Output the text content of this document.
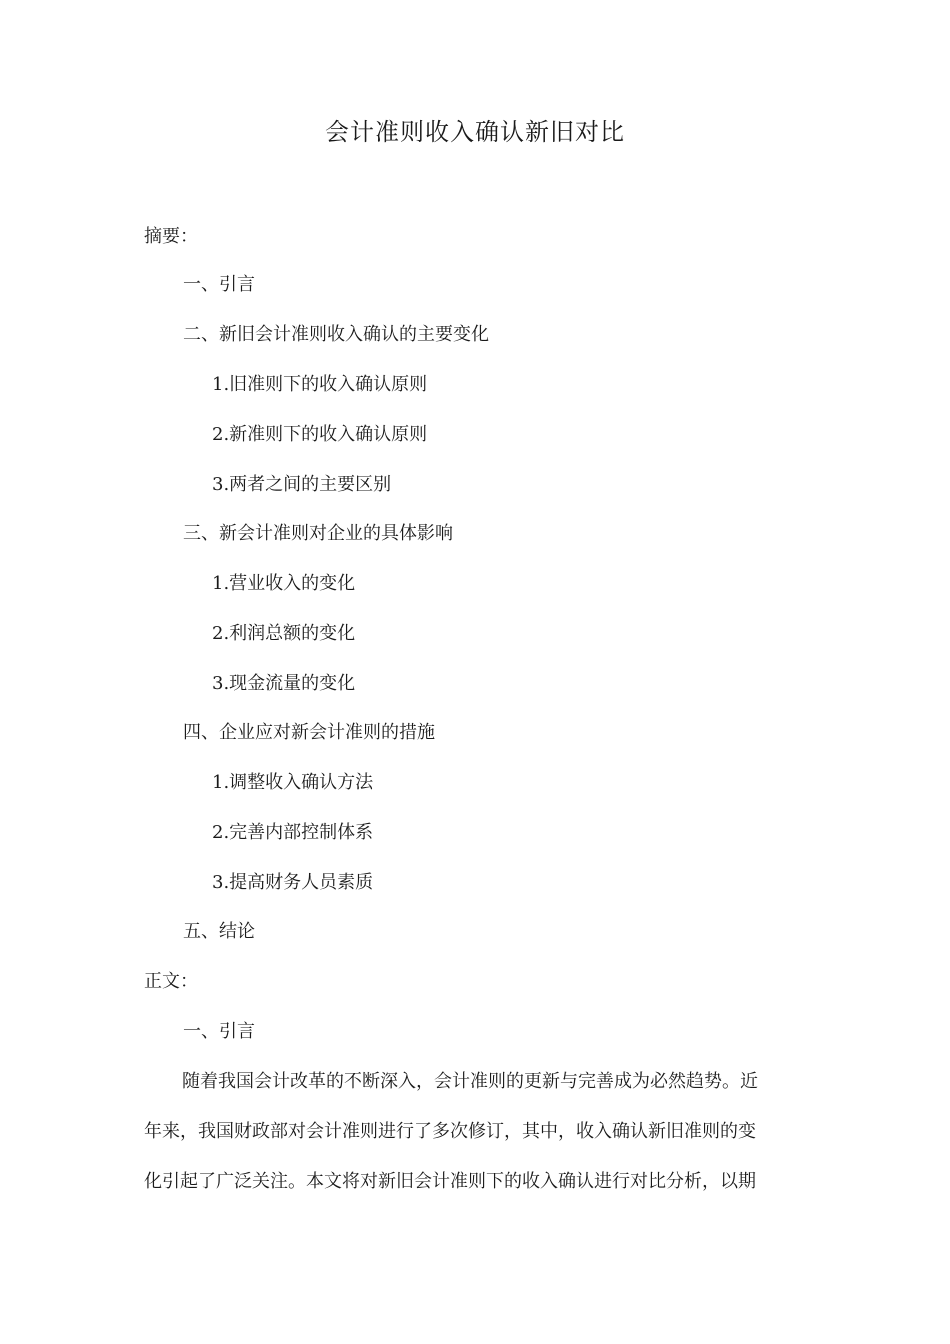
会计准则收入确认新旧对比
摘要：
一、引言
二、新旧会计准则收入确认的主要变化
1.旧准则下的收入确认原则
2.新准则下的收入确认原则
3.两者之间的主要区别
三、新会计准则对企业的具体影响
1.营业收入的变化
2.利润总额的变化
3.现金流量的变化
四、企业应对新会计准则的措施
1.调整收入确认方法
2.完善内部控制体系
3.提高财务人员素质
五、结论
正文：
一、引言
随着我国会计改革的不断深入，会计准则的更新与完善成为必然趋势。近
年来，我国财政部对会计准则进行了多次修订，其中，收入确认新旧准则的变
化引起了广泛关注。本文将对新旧会计准则下的收入确认进行对比分析，以期
